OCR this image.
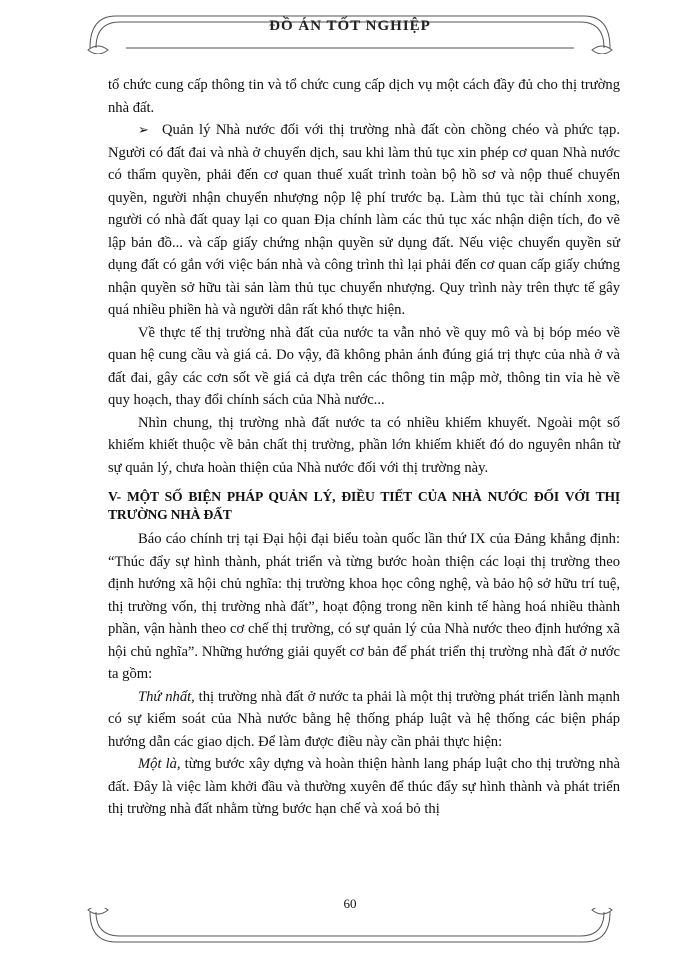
ĐỒ ÁN TỐT NGHIỆP

tổ chức cung cấp thông tin và tổ chức cung cấp dịch vụ một cách đầy đủ cho thị trường nhà đất.

➢ Quản lý Nhà nước đối với thị trường nhà đất còn chồng chéo và phức tạp. Người có đất đai và nhà ở chuyển dịch, sau khi làm thủ tục xin phép cơ quan Nhà nước có thẩm quyền, phải đến cơ quan thuế xuất trình toàn bộ hồ sơ và nộp thuế chuyển quyền, người nhận chuyển nhượng nộp lệ phí trước bạ. Làm thủ tục tài chính xong, người có nhà đất quay lại co quan Địa chính làm các thủ tục xác nhận diện tích, đo vẽ lập bản đồ... và cấp giấy chứng nhận quyền sử dụng đất. Nếu việc chuyển quyền sử dụng đất có gắn với việc bán nhà và công trình thì lại phải đến cơ quan cấp giấy chứng nhận quyền sở hữu tài sản làm thủ tục chuyển nhượng. Quy trình này trên thực tế gây quá nhiều phiền hà và người dân rất khó thực hiện.

Về thực tế thị trường nhà đất của nước ta vẫn nhỏ về quy mô và bị bóp méo về quan hệ cung cầu và giá cả. Do vậy, đã không phản ánh đúng giá trị thực của nhà ở và đất đai, gây các cơn sốt về giá cả dựa trên các thông tin mập mờ, thông tin vỉa hè về quy hoạch, thay đổi chính sách của Nhà nước...

Nhìn chung, thị trường nhà đất nước ta có nhiều khiếm khuyết. Ngoài một số khiếm khiết thuộc về bản chất thị trường, phần lớn khiếm khiết đó do nguyên nhân từ sự quản lý, chưa hoàn thiện của Nhà nước đối với thị trường này.

V- MỘT SỐ BIỆN PHÁP QUẢN LÝ, ĐIỀU TIẾT CỦA NHÀ NƯỚC ĐỐI VỚI THỊ TRƯỜNG NHÀ ĐẤT

Báo cáo chính trị tại Đại hội đại biểu toàn quốc lần thứ IX của Đảng khẳng định: “Thúc đẩy sự hình thành, phát triển và từng bước hoàn thiện các loại thị trường theo định hướng xã hội chủ nghĩa: thị trường khoa học công nghệ, và bảo hộ sở hữu trí tuệ, thị trường vốn, thị trường nhà đất”, hoạt động trong nền kinh tế hàng hoá nhiều thành phần, vận hành theo cơ chế thị trường, có sự quản lý của Nhà nước theo định hướng xã hội chủ nghĩa”. Những hướng giải quyết cơ bản để phát triển thị trường nhà đất ở nước ta gồm:

Thứ nhất, thị trường nhà đất ở nước ta phải là một thị trường phát triển lành mạnh có sự kiểm soát của Nhà nước bằng hệ thống pháp luật và hệ thống các biện pháp hướng dẫn các giao dịch. Để làm được điều này cần phải thực hiện:

Một là, từng bước xây dựng và hoàn thiện hành lang pháp luật cho thị trường nhà đất. Đây là việc làm khởi đầu và thường xuyên để thúc đẩy sự hình thành và phát triển thị trường nhà đất nhằm từng bước hạn chế và xoá bỏ thị

60
